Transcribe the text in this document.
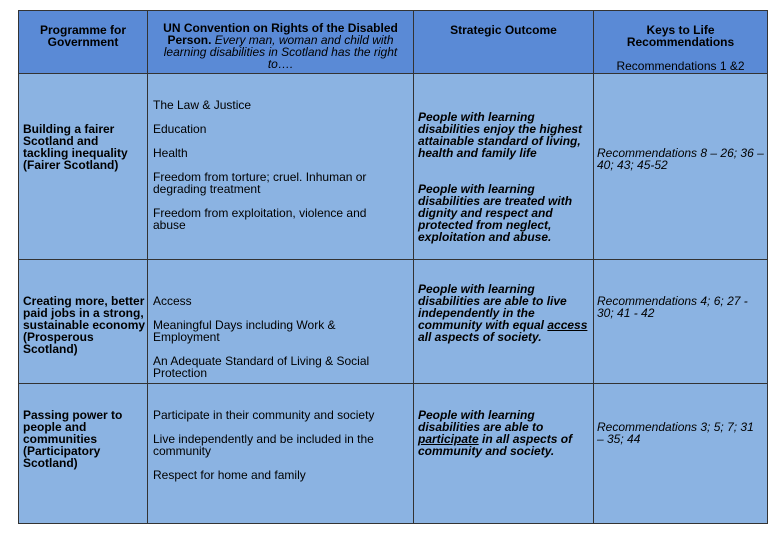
Programme for
Government
UN Convention on Rights of the Disabled
Person. Every man, woman and child with
learning disabilities in Scotland has the right
to….
Strategic Outcome	Keys to Life
Recommendations
Recommendations 1 &2
Building a fairer
Scotland and
tackling inequality
(Fairer Scotland)
The Law & Justice
Education
Health
Freedom from torture; cruel. Inhuman or
degrading treatment
Freedom from exploitation, violence and
abuse
People with learning
disabilities enjoy the highest
attainable standard of living,
health and family life
People with learning
disabilities are treated with
dignity and respect and
protected from neglect,
exploitation and abuse.
Recommendations 8 – 26; 36 –
40; 43; 45-52
Creating more, better
paid jobs in a strong,
sustainable economy
(Prosperous
Scotland)
Access
Meaningful Days including Work &
Employment
An Adequate Standard of Living & Social
Protection
People with learning
disabilities are able to live
independently in the
community with equal access
all aspects of society.
Recommendations 4; 6; 27 -
30; 41 - 42
Passing power to
people and
communities
(Participatory
Scotland)
Participate in their community and society
Live independently and be included in the
community
Respect for home and family
People with learning
disabilities are able to
participate in all aspects of
community and society.
Recommendations 3; 5; 7; 31
– 35; 44
